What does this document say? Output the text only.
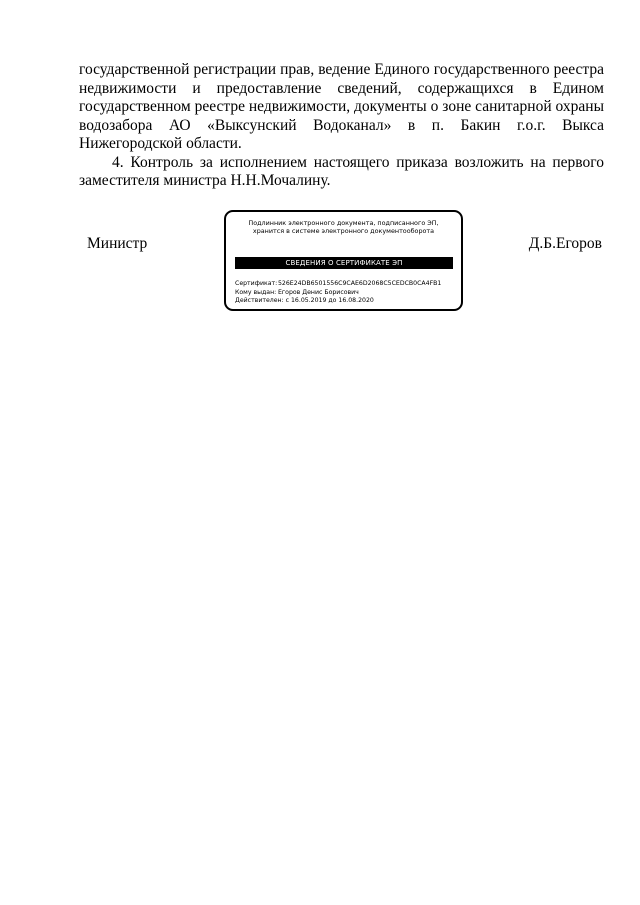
государственной регистрации прав, ведение Единого государственного реестра недвижимости и предоставление сведений, содержащихся в Едином государственном реестре недвижимости, документы о зоне санитарной охраны водозабора АО «Выксунский Водоканал» в п. Бакин г.о.г. Выкса Нижегородской области.

4. Контроль за исполнением настоящего приказа возложить на первого заместителя министра Н.Н.Мочалину.

Министр	Д.Б.Егоров
Подлинник электронного документа, подписанного ЭП,
хранится в системе электронного документооборота
СВЕДЕНИЯ О СЕРТИФИКАТЕ ЭП
Сертификат:526E24DB6501556C9CAE6D2068C5CEDCB0CA4FB1
Кому выдан: Егоров Денис Борисович
Действителен: с 16.05.2019 до 16.08.2020
